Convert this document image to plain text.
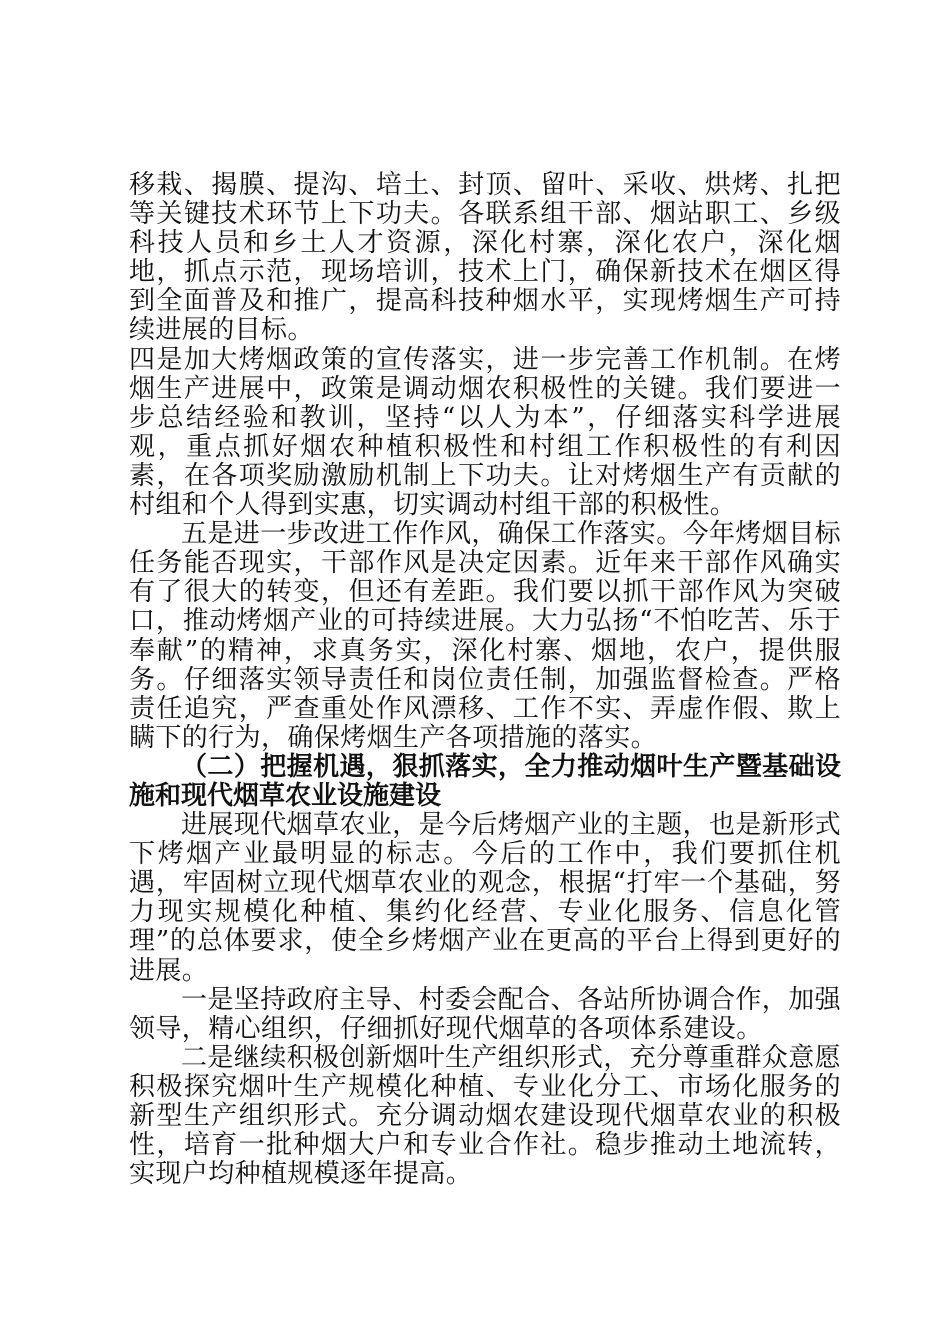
移栽、揭膜、提沟、培土、封顶、留叶、采收、烘烤、扎把等关键技术环节上下功夫。各联系组干部、烟站职工、乡级科技人员和乡土人才资源，深化村寨，深化农户，深化烟地，抓点示范，现场培训，技术上门，确保新技术在烟区得到全面普及和推广，提高科技种烟水平，实现烤烟生产可持续进展的目标。

四是加大烤烟政策的宣传落实，进一步完善工作机制。在烤烟生产进展中，政策是调动烟农积极性的关键。我们要进一步总结经验和教训，坚持“以人为本”，仔细落实科学进展观，重点抓好烟农种植积极性和村组工作积极性的有利因素，在各项奖励激励机制上下功夫。让对烤烟生产有贡献的村组和个人得到实惠，切实调动村组干部的积极性。

五是进一步改进工作作风，确保工作落实。今年烤烟目标任务能否现实，干部作风是决定因素。近年来干部作风确实有了很大的转变，但还有差距。我们要以抓干部作风为突破口，推动烤烟产业的可持续进展。大力弘扬“不怕吃苦、乐于奉献”的精神，求真务实，深化村寨、烟地，农户，提供服务。仔细落实领导责任和岗位责任制，加强监督检查。严格责任追究，严查重处作风漂移、工作不实、弄虚作假、欺上瞒下的行为，确保烤烟生产各项措施的落实。

（二）把握机遇，狠抓落实，全力推动烟叶生产暨基础设施和现代烟草农业设施建设

进展现代烟草农业，是今后烤烟产业的主题，也是新形式下烤烟产业最明显的标志。今后的工作中，我们要抓住机遇，牢固树立现代烟草农业的观念，根据“打牢一个基础，努力现实规模化种植、集约化经营、专业化服务、信息化管理”的总体要求，使全乡烤烟产业在更高的平台上得到更好的进展。

一是坚持政府主导、村委会配合、各站所协调合作，加强领导，精心组织，仔细抓好现代烟草的各项体系建设。

二是继续积极创新烟叶生产组织形式，充分尊重群众意愿积极探究烟叶生产规模化种植、专业化分工、市场化服务的新型生产组织形式。充分调动烟农建设现代烟草农业的积极性，培育一批种烟大户和专业合作社。稳步推动土地流转，实现户均种植规模逐年提高。
